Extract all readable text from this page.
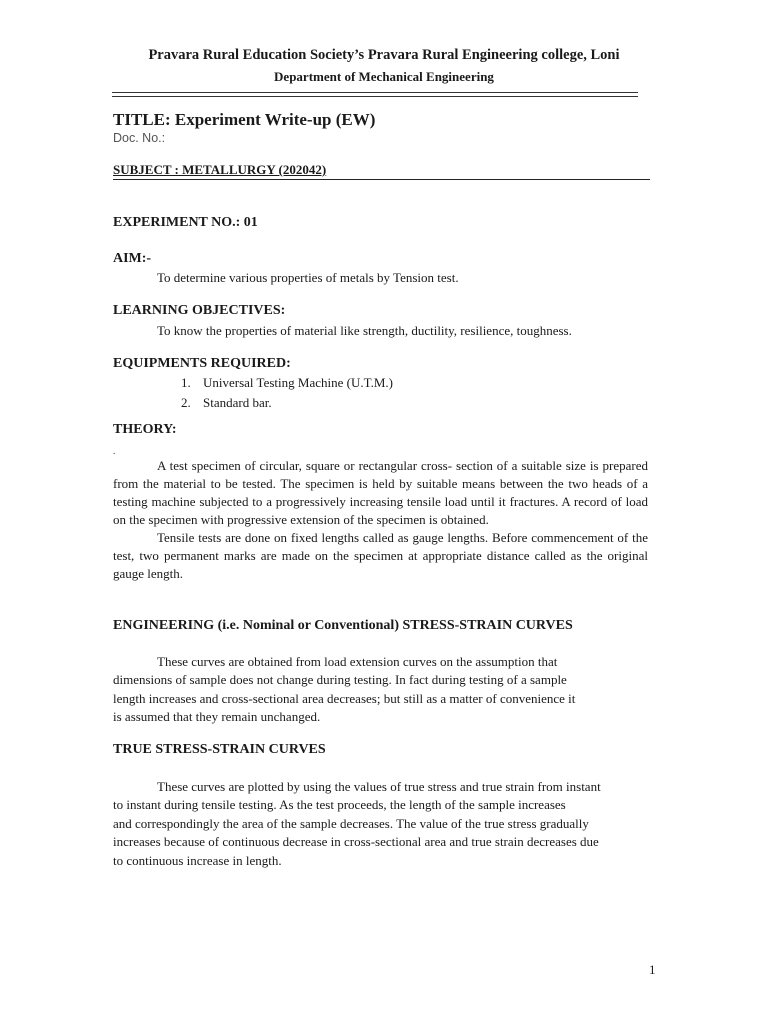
Pravara Rural Education Society’s Pravara Rural Engineering college, Loni
Department of Mechanical Engineering
TITLE: Experiment Write-up (EW)
Doc. No.:
SUBJECT : METALLURGY (202042)
EXPERIMENT NO.: 01
AIM:-
To determine various properties of metals by Tension test.
LEARNING OBJECTIVES:
To know the properties of material like strength, ductility, resilience, toughness.
EQUIPMENTS REQUIRED:
1. Universal Testing Machine (U.T.M.)
2. Standard bar.
THEORY:
.

A test specimen of circular, square or rectangular cross- section of a suitable size is prepared from the material to be tested. The specimen is held by suitable means between the two heads of a testing machine subjected to a progressively increasing tensile load until it fractures. A record of load on the specimen with progressive extension of the specimen is obtained.

Tensile tests are done on fixed lengths called as gauge lengths. Before commencement of the test, two permanent marks are made on the specimen at appropriate distance called as the original gauge length.

ENGINEERING (i.e. Nominal or Conventional) STRESS-STRAIN CURVES
These curves are obtained from load extension curves on the assumption that
dimensions of sample does not change during testing. In fact during testing of a sample
length increases and cross-sectional area decreases; but still as a matter of convenience it
is assumed that they remain unchanged.
TRUE STRESS-STRAIN CURVES
These curves are plotted by using the values of true stress and true strain from instant
to instant during tensile testing. As the test proceeds, the length of the sample increases
and correspondingly the area of the sample decreases. The value of the true stress gradually
increases because of continuous decrease in cross-sectional area and true strain decreases due
to continuous increase in length.
1
